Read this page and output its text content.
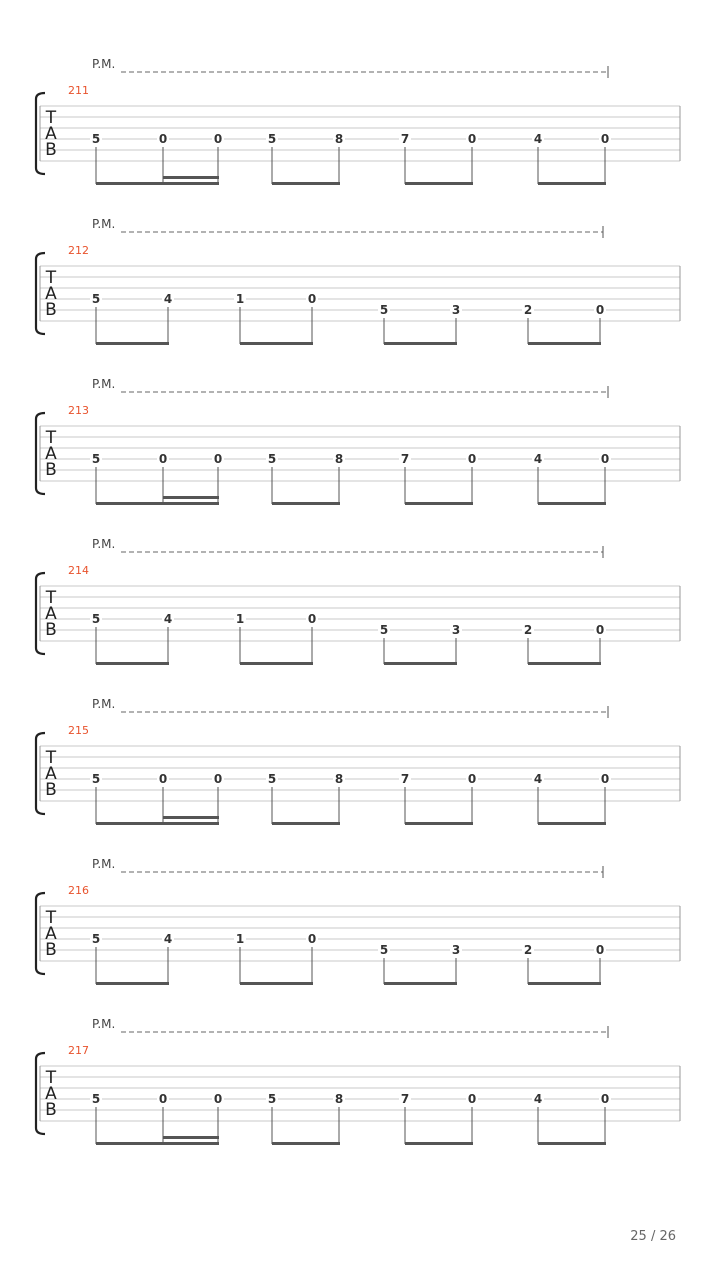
P.M.
211
T
A
B
5	0	0	5	8	7	0	4	0
P.M.
212
T
A
B
5	4	1	0
5	3	2	0
P.M.
213
T
A
B
5	0	0	5	8	7	0	4	0
P.M.
214
T
A
B
5	4	1	0
5	3	2	0
P.M.
215
T
A
B
5	0	0	5	8	7	0	4	0
P.M.
216
T
A
B
5	4	1	0
5	3	2	0
P.M.
217
T
A
B
5	0	0	5	8	7	0	4	0
25 / 26
